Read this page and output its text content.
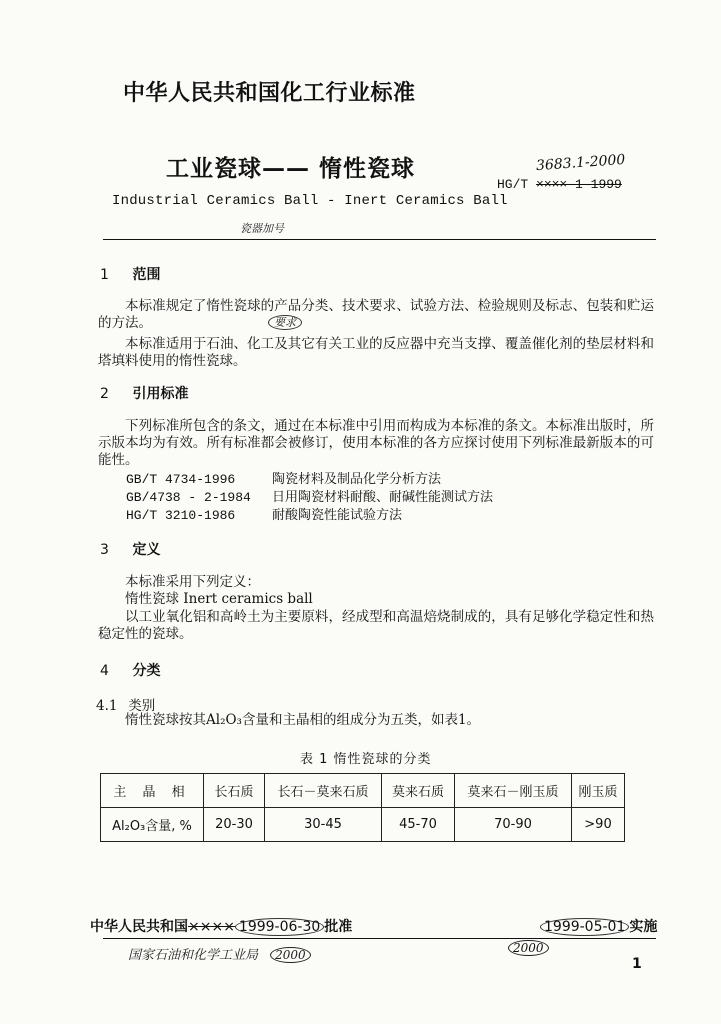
中华人民共和国化工行业标准
工业瓷球—— 惰性瓷球
Industrial Ceramics Ball - Inert Ceramics Ball
3683.1-2000
HG/T ××××-1-1999
瓷器加号
1 范围
本标准规定了惰性瓷球的产品分类、技术要求、试验方法、检验规则及标志、包装和贮运的方法。	要求
本标准适用于石油、化工及其它有关工业的反应器中充当支撑、覆盖催化剂的垫层材料和塔填料使用的惰性瓷球。
2 引用标准
下列标准所包含的条文，通过在本标准中引用而构成为本标准的条文。本标准出版时，所示版本均为有效。所有标准都会被修订，使用本标准的各方应探讨使用下列标准最新版本的可能性。
GB/T 4734-1996	陶瓷材料及制品化学分析方法
GB/4738 - 2-1984 日用陶瓷材料耐酸、耐碱性能测试方法
HG/T 3210-1986	耐酸陶瓷性能试验方法
3 定义
本标准采用下列定义：
惰性瓷球 Inert ceramics ball
以工业氧化铝和高岭土为主要原料，经成型和高温焙烧制成的，具有足够化学稳定性和热稳定性的瓷球。
4 分类
4.1 类别
惰性瓷球按其Al₂O₃含量和主晶相的组成分为五类，如表1。
表 1 惰性瓷球的分类
主 晶 相	长石质	长石－莫来石质	莫来石质	莫来石－刚玉质	刚玉质
Al₂O₃含量, %	20-30	30-45	45-70	70-90	>90
中华人民共和国×××× 1999-06-30 批准	1999-05-01 实施
国家石油和化学工业局 2000	2000
1
